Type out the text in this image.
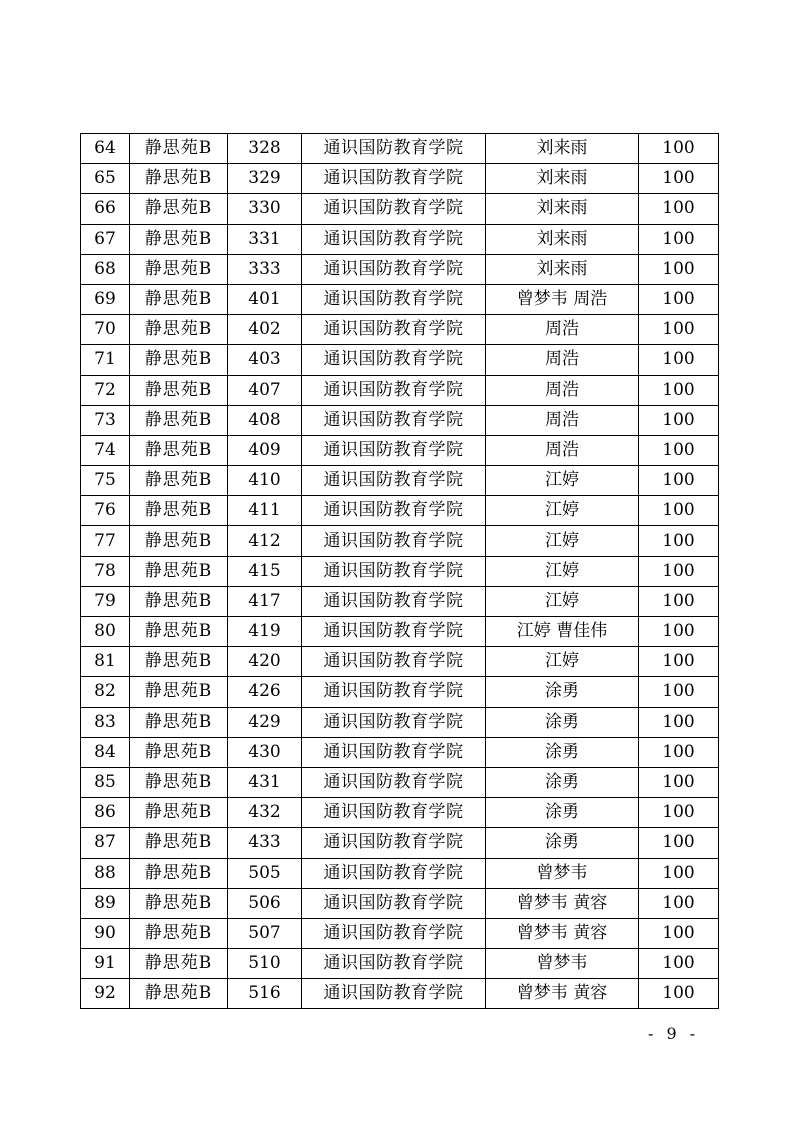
64	静思苑B	328	通识国防教育学院	刘来雨	100
65	静思苑B	329	通识国防教育学院	刘来雨	100
66	静思苑B	330	通识国防教育学院	刘来雨	100
67	静思苑B	331	通识国防教育学院	刘来雨	100
68	静思苑B	333	通识国防教育学院	刘来雨	100
69	静思苑B	401	通识国防教育学院	曾梦韦 周浩	100
70	静思苑B	402	通识国防教育学院	周浩	100
71	静思苑B	403	通识国防教育学院	周浩	100
72	静思苑B	407	通识国防教育学院	周浩	100
73	静思苑B	408	通识国防教育学院	周浩	100
74	静思苑B	409	通识国防教育学院	周浩	100
75	静思苑B	410	通识国防教育学院	江婷	100
76	静思苑B	411	通识国防教育学院	江婷	100
77	静思苑B	412	通识国防教育学院	江婷	100
78	静思苑B	415	通识国防教育学院	江婷	100
79	静思苑B	417	通识国防教育学院	江婷	100
80	静思苑B	419	通识国防教育学院	江婷 曹佳伟	100
81	静思苑B	420	通识国防教育学院	江婷	100
82	静思苑B	426	通识国防教育学院	涂勇	100
83	静思苑B	429	通识国防教育学院	涂勇	100
84	静思苑B	430	通识国防教育学院	涂勇	100
85	静思苑B	431	通识国防教育学院	涂勇	100
86	静思苑B	432	通识国防教育学院	涂勇	100
87	静思苑B	433	通识国防教育学院	涂勇	100
88	静思苑B	505	通识国防教育学院	曾梦韦	100
89	静思苑B	506	通识国防教育学院	曾梦韦 黄容	100
90	静思苑B	507	通识国防教育学院	曾梦韦 黄容	100
91	静思苑B	510	通识国防教育学院	曾梦韦	100
92	静思苑B	516	通识国防教育学院	曾梦韦 黄容	100
- 9 -
